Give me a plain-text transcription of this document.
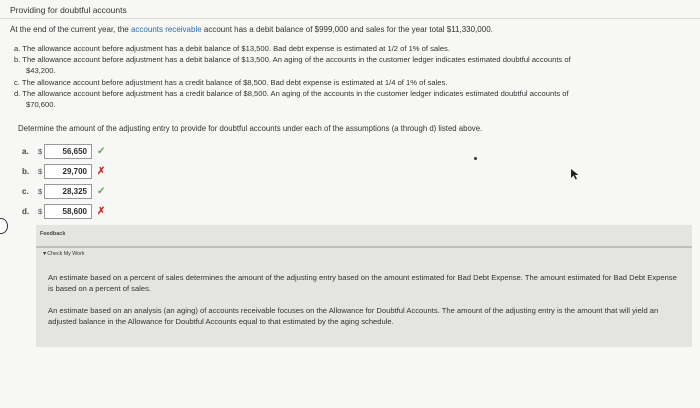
Providing for doubtful accounts
At the end of the current year, the accounts receivable account has a debit balance of $999,000 and sales for the year total $11,330,000.
a. The allowance account before adjustment has a debit balance of $13,500. Bad debt expense is estimated at 1/2 of 1% of sales.
b. The allowance account before adjustment has a debit balance of $13,500. An aging of the accounts in the customer ledger indicates estimated doubtful accounts of
$43,200.
c. The allowance account before adjustment has a credit balance of $8,500. Bad debt expense is estimated at 1/4 of 1% of sales.
d. The allowance account before adjustment has a credit balance of $8,500. An aging of the accounts in the customer ledger indicates estimated doubtful accounts of
$70,600.
Determine the amount of the adjusting entry to provide for doubtful accounts under each of the assumptions (a through d) listed above.
a.	$	56,650	✓
b.	$	29,700	✗
c.	$	28,325	✓
d.	$	58,600	✗
Feedback
▼Check My Work
An estimate based on a percent of sales determines the amount of the adjusting entry based on the amount estimated for Bad Debt Expense. The amount estimated for Bad Debt Expense is based on a percent of sales.
An estimate based on an analysis (an aging) of accounts receivable focuses on the Allowance for Doubtful Accounts. The amount of the adjusting entry is the amount that will yield an adjusted balance in the Allowance for Doubtful Accounts equal to that estimated by the aging schedule.
